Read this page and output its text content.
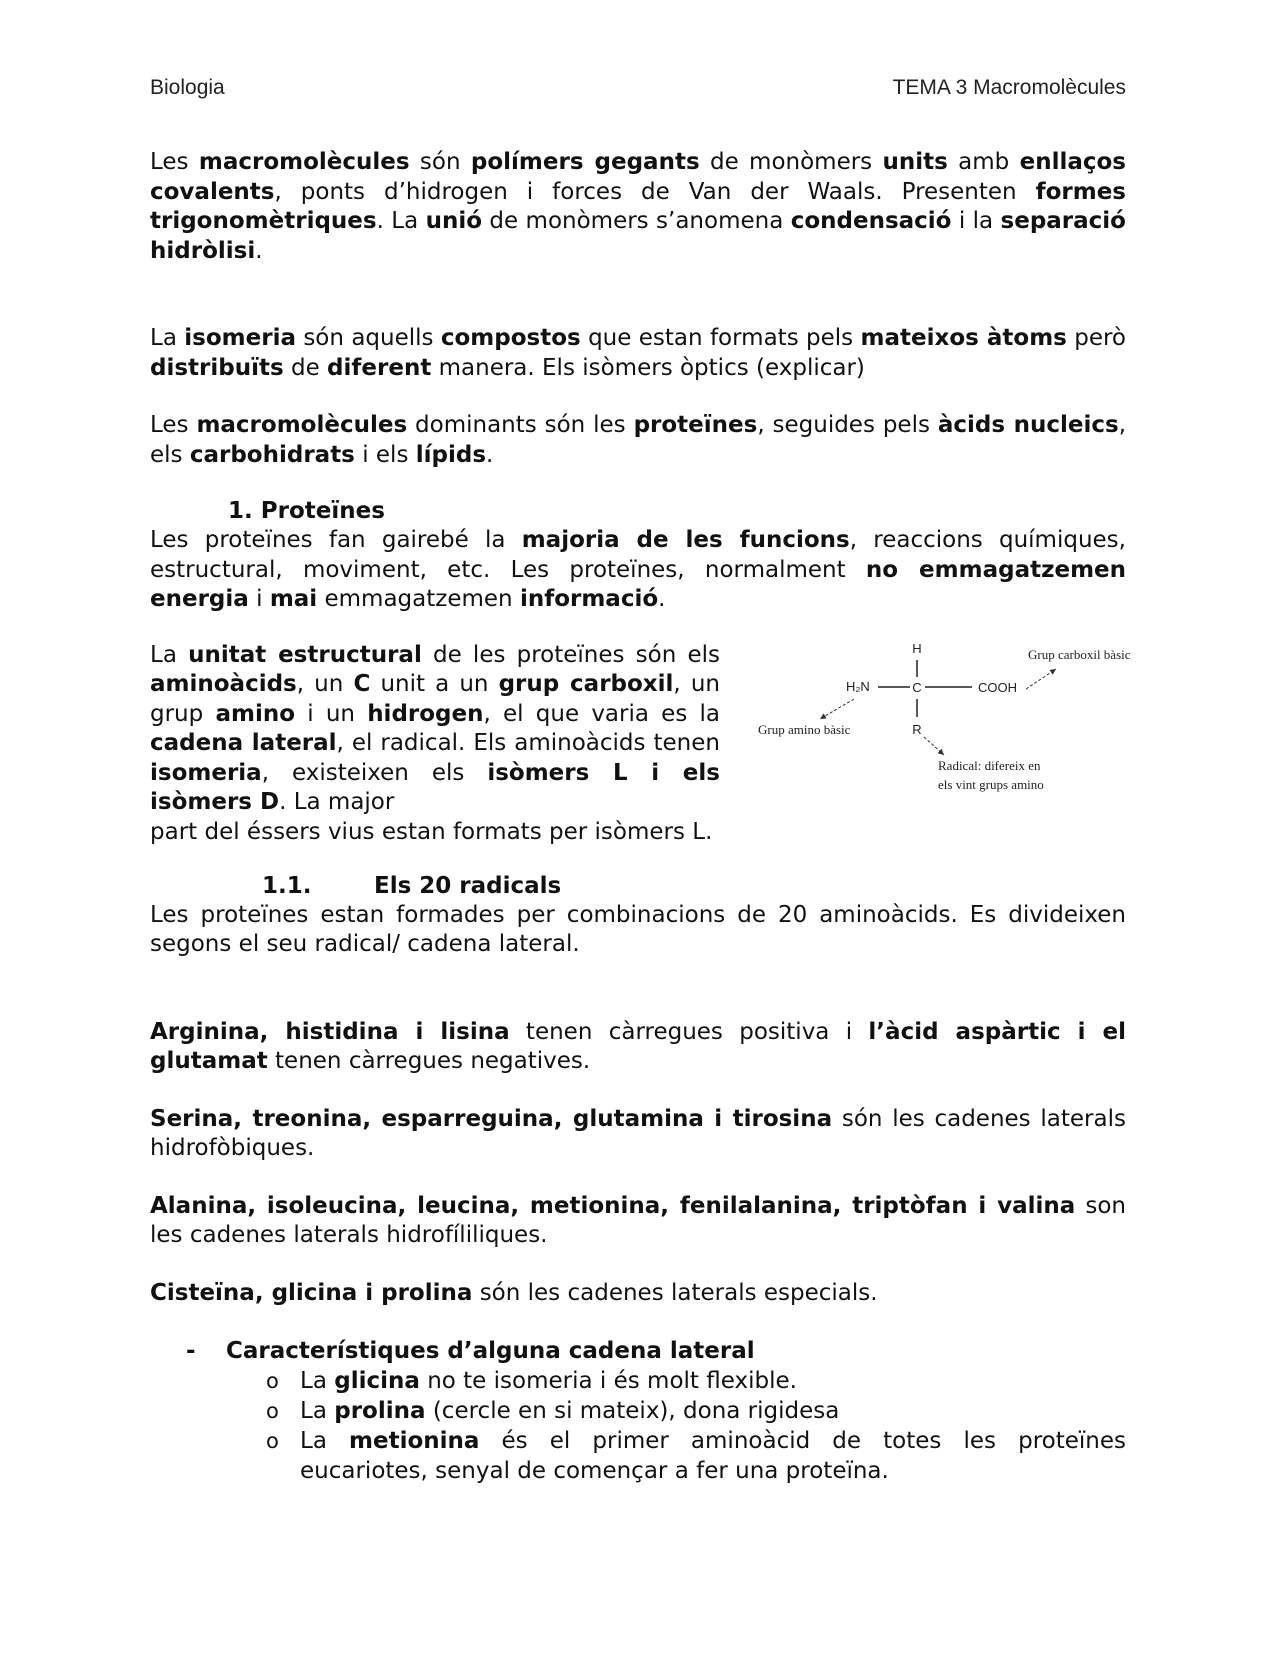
Biologia	TEMA 3 Macromolècules

Les macromolècules són polímers gegants de monòmers units amb enllaços covalents, ponts d’hidrogen i forces de Van der Waals. Presenten formes trigonomètriques. La unió de monòmers s’anomena condensació i la separació hidròlisi.

La isomeria són aquells compostos que estan formats pels mateixos àtoms però distribuïts de diferent manera. Els isòmers òptics (explicar)

Les macromolècules dominants són les proteïnes, seguides pels àcids nucleics, els carbohidrats i els lípids.

1. Proteïnes

Les proteïnes fan gairebé la majoria de les funcions, reaccions químiques, estructural, moviment, etc. Les proteïnes, normalment no emmagatzemen energia i mai emmagatzemen informació.

La unitat estructural de les proteïnes són els aminoàcids, un C unit a un grup carboxil, un grup amino i un hidrogen, el que varia es la cadena lateral, el radical. Els aminoàcids tenen isomeria, existeixen els isòmers L i els isòmers D. La major

part del éssers vius estan formats per isòmers L.

H
H₂N	C	COOH
R
Grup carboxil bàsic
Grup amino bàsic
Radical: difereix en
els vint grups amino
1.1.	Els 20 radicals

Les proteïnes estan formades per combinacions de 20 aminoàcids. Es divideixen segons el seu radical/ cadena lateral.

Arginina, histidina i lisina tenen càrregues positiva i l’àcid aspàrtic i el glutamat tenen càrregues negatives.

Serina, treonina, esparreguina, glutamina i tirosina són les cadenes laterals hidrofòbiques.

Alanina, isoleucina, leucina, metionina, fenilalanina, triptòfan i valina son les cadenes laterals hidrofíliliques.

Cisteïna, glicina i prolina són les cadenes laterals especials.

- Característiques d’alguna cadena lateral
o La glicina no te isomeria i és molt flexible.
o La prolina (cercle en si mateix), dona rigidesa
o La metionina és el primer aminoàcid de totes les proteïnes eucariotes, senyal de començar a fer una proteïna.
